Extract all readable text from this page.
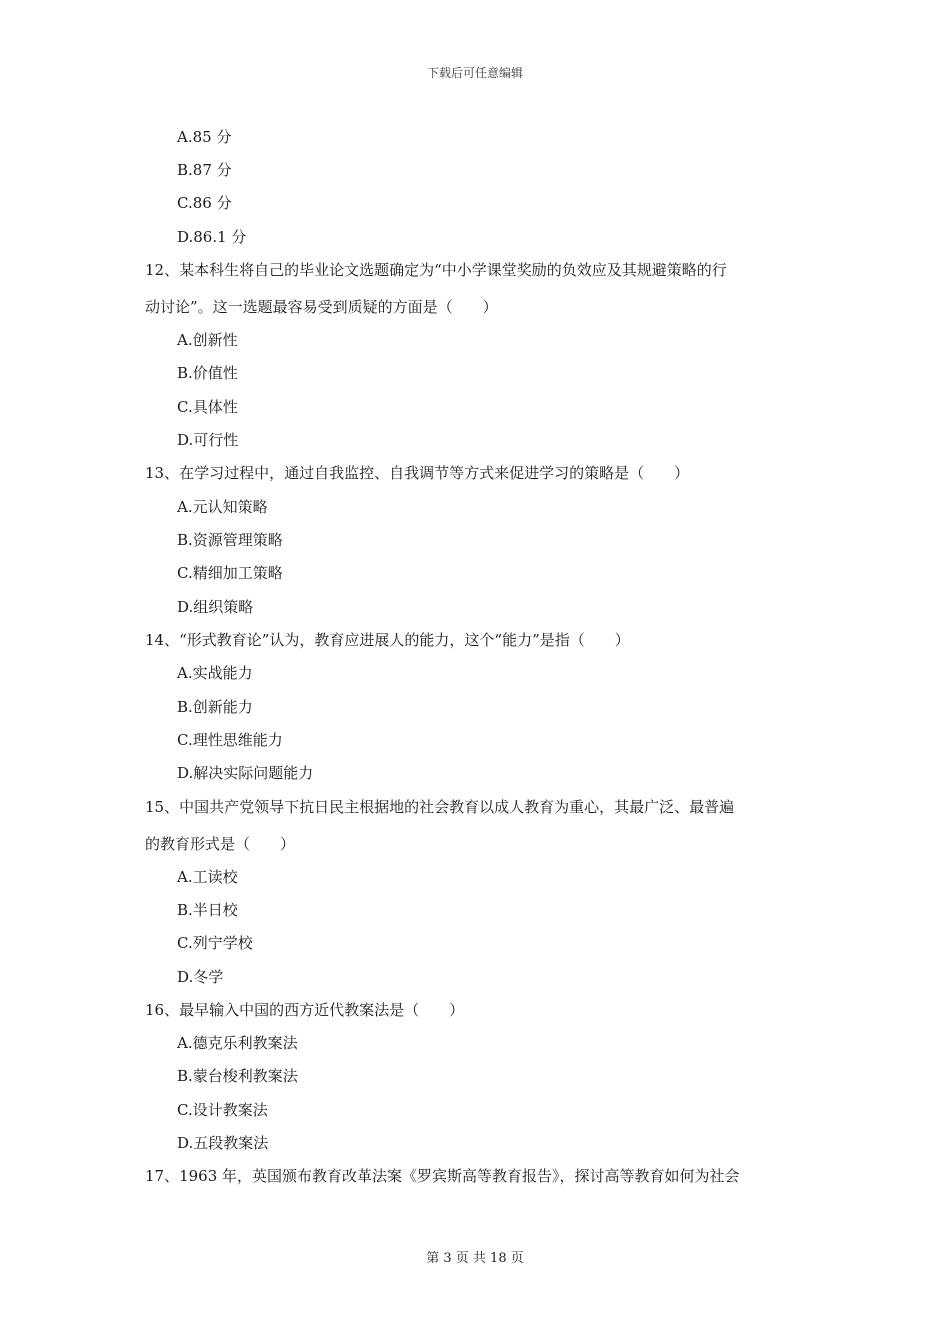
下载后可任意编辑
A.85 分
B.87 分
C.86 分
D.86.1 分
12、某本科生将自己的毕业论文选题确定为“中小学课堂奖励的负效应及其规避策略的行
动讨论”。这一选题最容易受到质疑的方面是（　　）
A.创新性
B.价值性
C.具体性
D.可行性
13、在学习过程中，通过自我监控、自我调节等方式来促进学习的策略是（　　）
A.元认知策略
B.资源管理策略
C.精细加工策略
D.组织策略
14、“形式教育论”认为，教育应进展人的能力，这个“能力”是指（　　）
A.实战能力
B.创新能力
C.理性思维能力
D.解决实际问题能力
15、中国共产党领导下抗日民主根据地的社会教育以成人教育为重心，其最广泛、最普遍
的教育形式是（　　）
A.工读校
B.半日校
C.列宁学校
D.冬学
16、最早输入中国的西方近代教案法是（　　）
A.德克乐利教案法
B.蒙台梭利教案法
C.设计教案法
D.五段教案法
17、1963 年，英国颁布教育改革法案《罗宾斯高等教育报告》，探讨高等教育如何为社会
第 3 页 共 18 页
